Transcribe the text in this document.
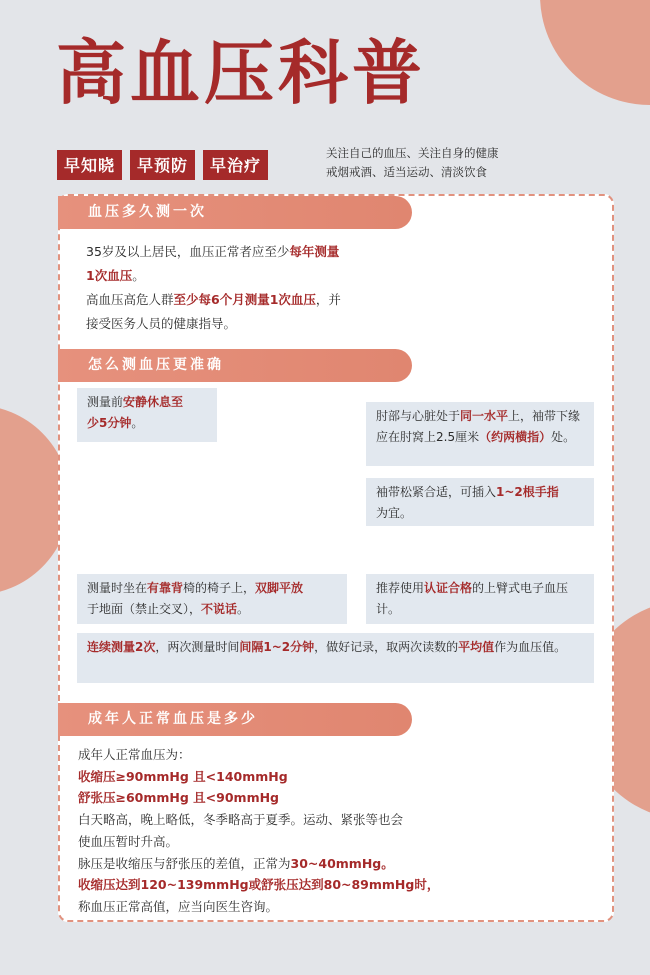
高血压科普
早知晓	早预防	早治疗
关注自己的血压、关注自身的健康
戒烟戒酒、适当运动、清淡饮食
血压多久测一次
35岁及以上居民，血压正常者应至少每年测量
1次血压。
高血压高危人群至少每6个月测量1次血压，并
接受医务人员的健康指导。
怎么测血压更准确
测量前安静休息至
少5分钟。	肘部与心脏处于同一水平上，袖带下缘应在肘窝上2.5厘米（约两横指）处。
袖带松紧合适，可插入1~2根手指
为宜。
测量时坐在有靠背椅的椅子上，双脚平放
于地面（禁止交叉），不说话。
推荐使用认证合格的上臂式电子血压计。
连续测量2次，两次测量时间间隔1~2分钟，做好记录，取两次读数的平均值作为血压值。
成年人正常血压是多少
成年人正常血压为：
收缩压≥90mmHg 且<140mmHg
舒张压≥60mmHg 且<90mmHg
白天略高，晚上略低，冬季略高于夏季。运动、紧张等也会
使血压暂时升高。
脉压是收缩压与舒张压的差值，正常为30~40mmHg。
收缩压达到120~139mmHg或舒张压达到80~89mmHg时，
称血压正常高值，应当向医生咨询。
